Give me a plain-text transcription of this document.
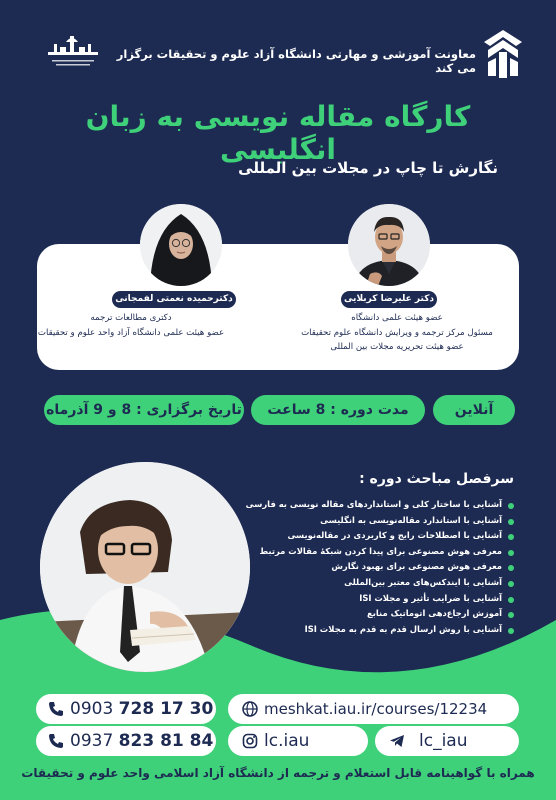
معاونت آموزشی و مهارتی دانشگاه آزاد علوم و تحقیقات برگزار می کند
کارگاه مقاله نویسی به زبان انگلیسی
نگارش تا چاپ در مجلات بین المللی
دکتر علیرضا کربلایی
دکترحمیده نعمتی لفمجانی
عضو هیئت علمی دانشگاه
مسئول مرکز ترجمه و ویرایش دانشگاه علوم تحقیقات
عضو هیئت تحریریه مجلات بین المللی
دکتری مطالعات ترجمه
عضو هیئت علمی دانشگاه آزاد واحد علوم و تحقیقات
آنلاین
مدت دوره : 8 ساعت
تاریخ برگزاری : 8 و 9 آذرماه
سرفصل مباحث دوره :
آشنایی با ساختار کلی و استانداردهای مقاله نویسی به فارسی
آشنایی با استاندارد مقاله‌نویسی به انگلیسی
آشنایی با اصطلاحات رایج و کاربردی در مقاله‌نویسی
معرفی هوش مصنوعی برای پیدا کردن شبکهٔ مقالات مرتبط
معرفی هوش مصنوعی برای بهبود نگارش
آشنایی با ایندکس‌های معتبر بین‌المللی
آشنایی با ضرایب تأثیر و مجلات ISI
آموزش ارجاع‌دهی اتوماتیک منابع
آشنایی با روش ارسال قدم به قدم به مجلات ISI
0903 728 17 30
0937 823 81 84
meshkat.iau.ir/courses/12234
lc.iau	lc_iau
همراه با گواهینامه قابل استعلام و ترجمه از دانشگاه آزاد اسلامی واحد علوم و تحقیقات
